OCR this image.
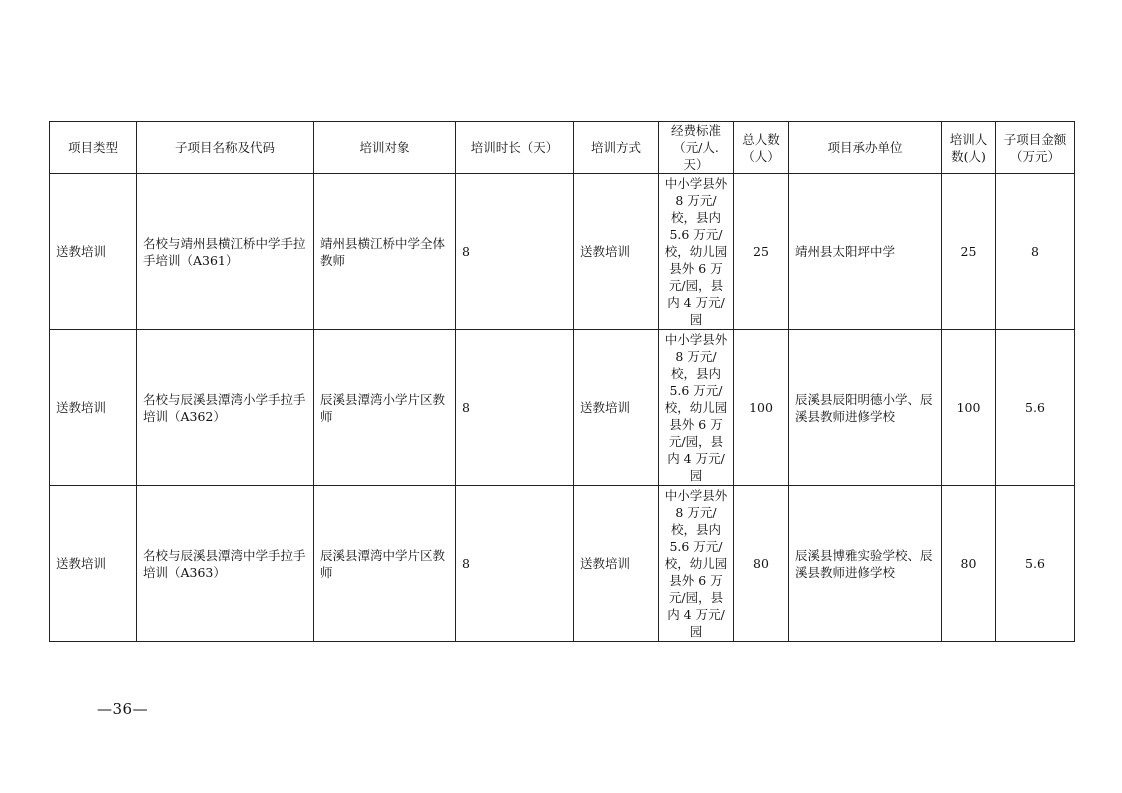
项目类型	子项目名称及代码	培训对象	培训时长（天）	培训方式	经费标准（元/人.天）	总人数（人）	项目承办单位	培训人数(人)	子项目金额（万元）
送教培训	名校与靖州县横江桥中学手拉手培训（A361）	靖州县横江桥中学全体教师	8	送教培训	中小学县外 8 万元/校，县内 5.6 万元/校，幼儿园县外 6 万元/园，县内 4 万元/园	25	靖州县太阳坪中学	25	8
送教培训	名校与辰溪县潭湾小学手拉手培训（A362）	辰溪县潭湾小学片区教师	8	送教培训	中小学县外 8 万元/校，县内 5.6 万元/校，幼儿园县外 6 万元/园，县内 4 万元/园	100	辰溪县辰阳明德小学、辰溪县教师进修学校	100	5.6
送教培训	名校与辰溪县潭湾中学手拉手培训（A363）	辰溪县潭湾中学片区教师	8	送教培训	中小学县外 8 万元/校，县内 5.6 万元/校，幼儿园县外 6 万元/园，县内 4 万元/园	80	辰溪县博雅实验学校、辰溪县教师进修学校	80	5.6
—36—
